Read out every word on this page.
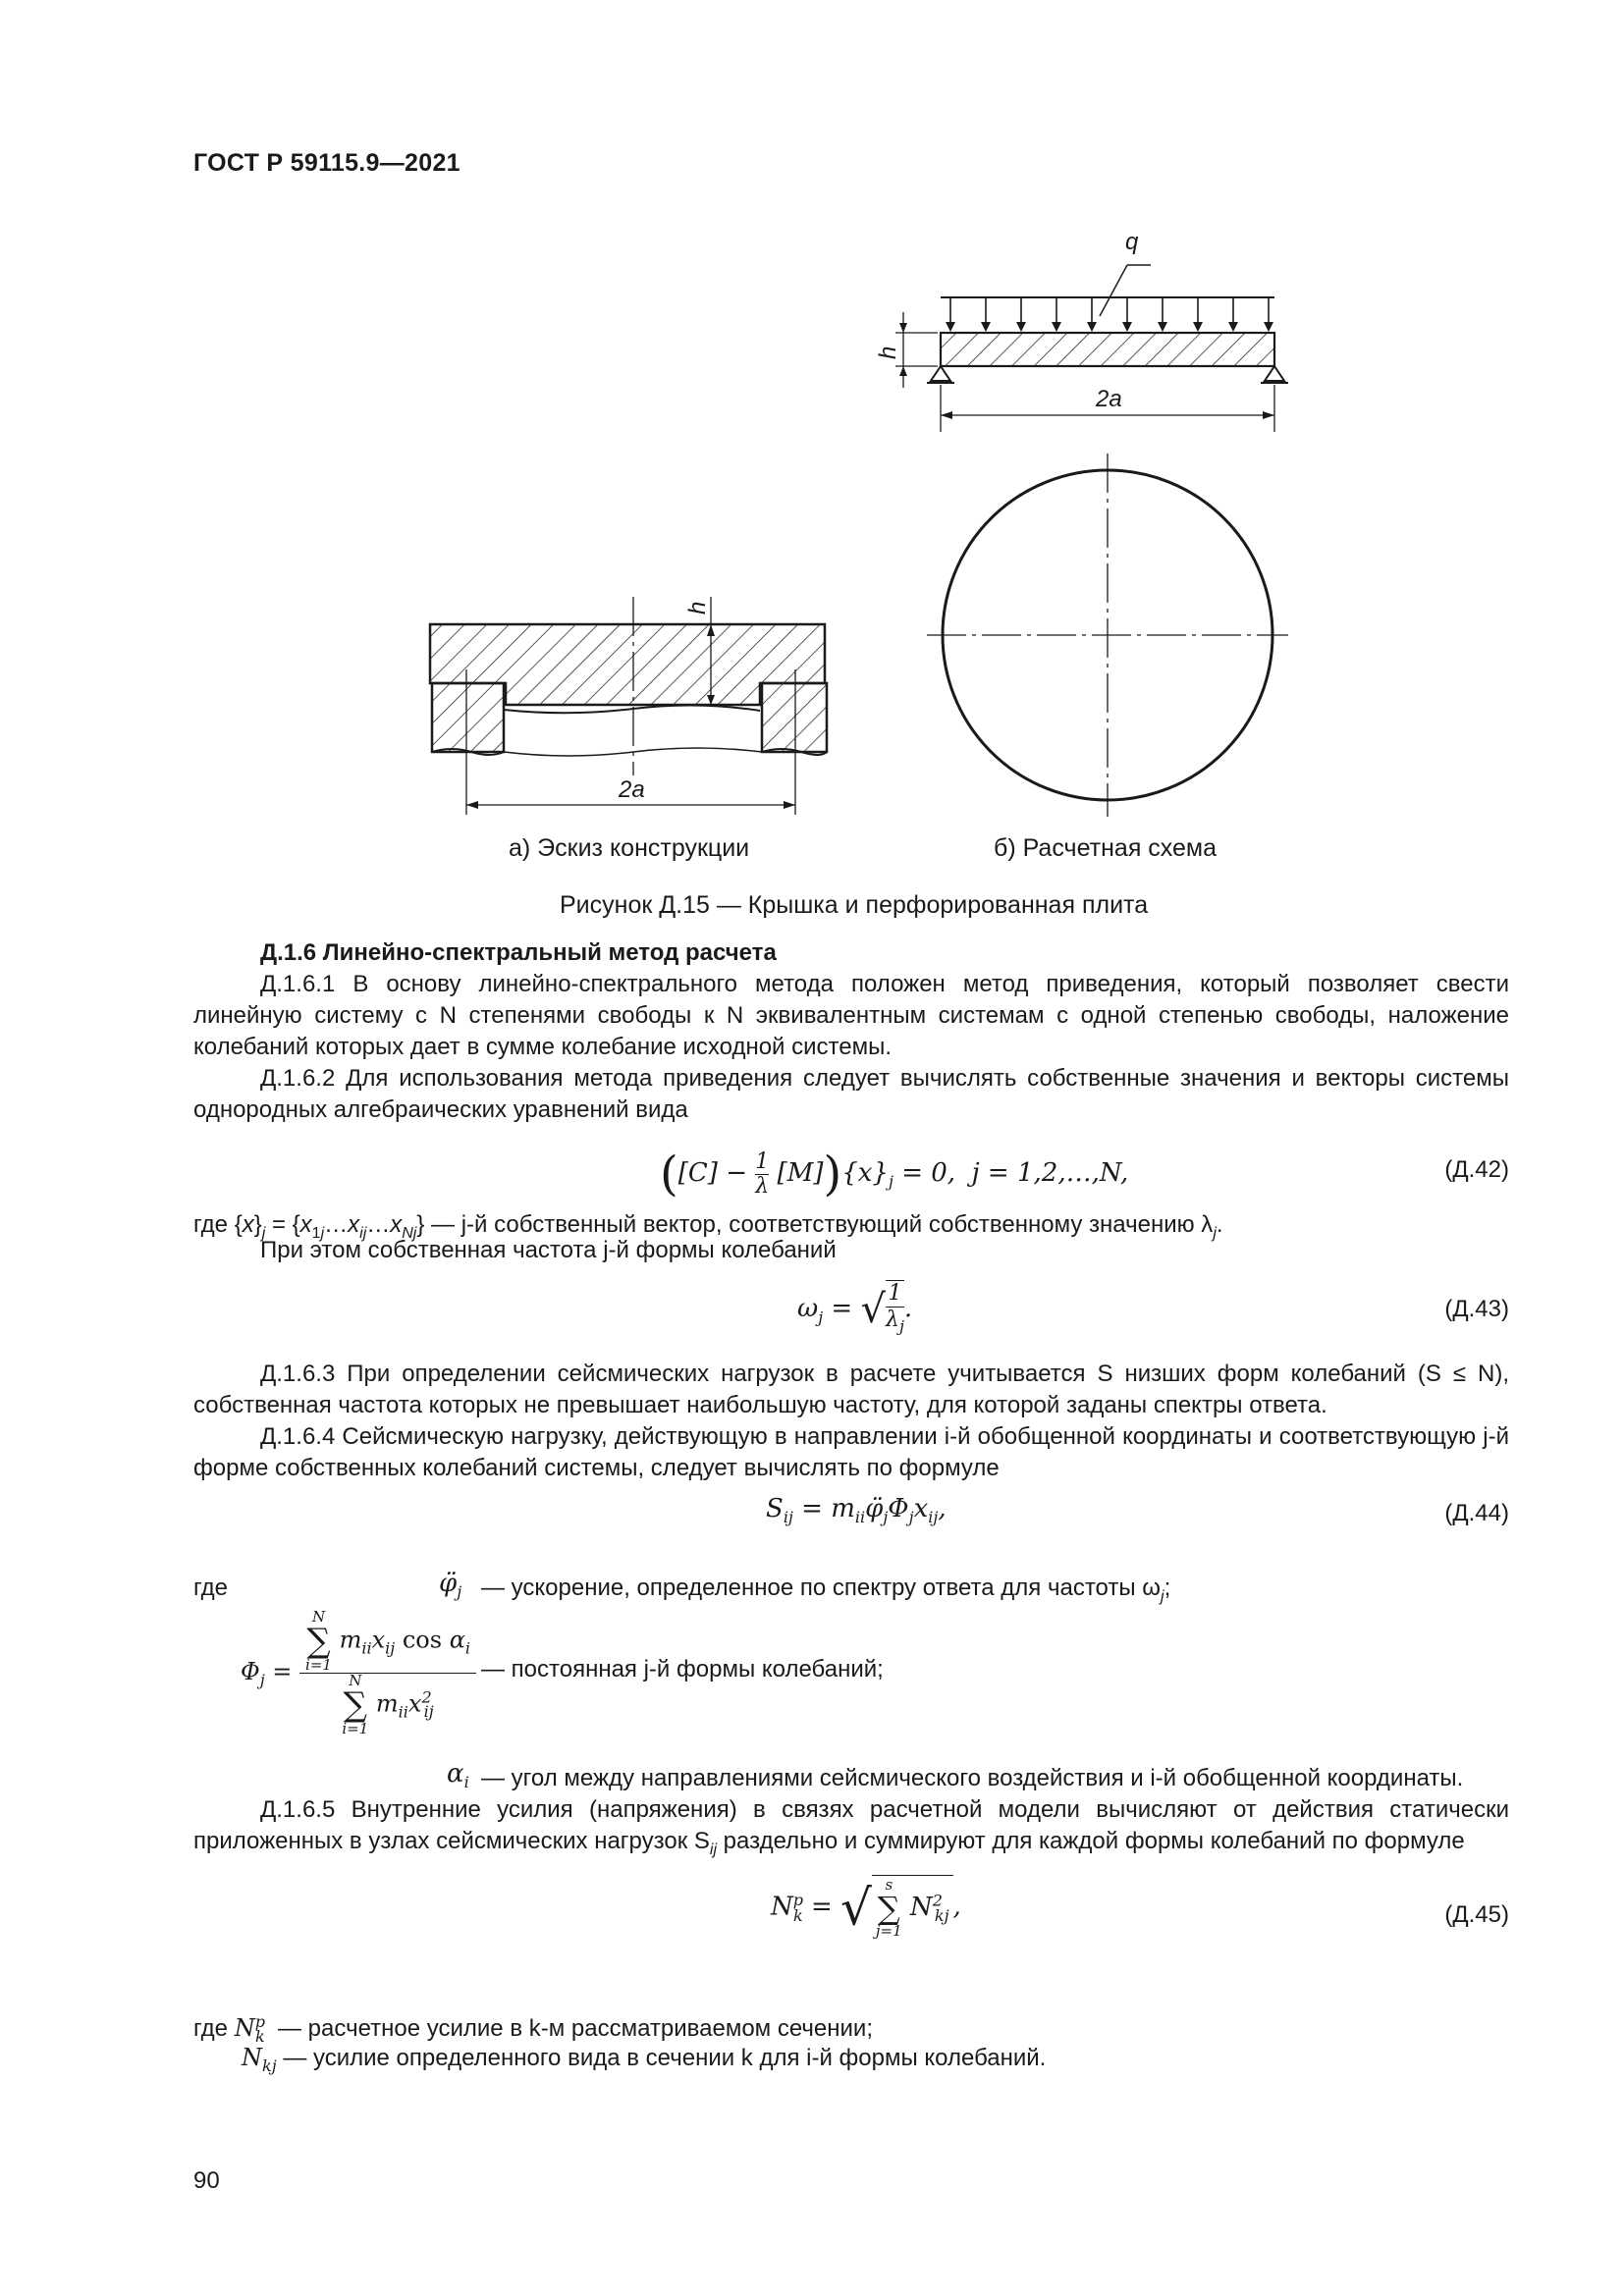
ГОСТ Р 59115.9—2021
q
h
2a
h
2a
а) Эскиз конструкции	б) Расчетная схема
Рисунок Д.15 — Крышка и перфорированная плита
Д.1.6 Линейно-спектральный метод расчета
Д.1.6.1 В основу линейно-спектрального метода положен метод приведения, который позволяет свести линейную систему с N степенями свободы к N эквивалентным системам с одной степенью свободы, наложение колебаний которых дает в сумме колебание исходной системы.
Д.1.6.2 Для использования метода приведения следует вычислять собственные значения и векторы системы однородных алгебраических уравнений вида
$([C] - \frac{1}{\lambda} [M])\{x\}_j = 0$,  j = 1,2,…,N,	(Д.42)
где $\{x\}_j$ = $\{x_{1j}\dots x_{ij}\dots x_{Nj}\}$ — j-й собственный вектор, соответствующий собственному значению $\lambda_j$.
При этом собственная частота j-й формы колебаний
$\omega_j$ = √ $\frac{1}{\lambda_j}$ .	(Д.43)
Д.1.6.3 При определении сейсмических нагрузок в расчете учитывается S низших форм колебаний (S ≤ N), собственная частота которых не превышает наибольшую частоту, для которой заданы спектры ответа.
Д.1.6.4 Сейсмическую нагрузку, действующую в направлении i-й обобщенной координаты и соответствующую j-й форме собственных колебаний системы, следует вычислять по формуле
$S_{ij}$ = $m_{ii}\varphï_j\Phi_jx_{ij}$,	(Д.44)
где	$\varphï_j$ — ускорение, определенное по спектру ответа для частоты $\omega_j$;
$\Phi_j$ =
N
∑
i=1 $m_{ii}x_{ij}$ $\cos \alpha_i$
N
∑
i=1 $m_{ii}x^2_{ij}$
— постоянная j-й формы колебаний;
$\alpha_i$ — угол между направлениями сейсмического воздействия и i-й обобщенной координаты.
Д.1.6.5 Внутренние усилия (напряжения) в связях расчетной модели вычисляют от действия статически приложенных в узлах сейсмических нагрузок $S_{ij}$ раздельно и суммируют для каждой формы колебаний по формуле
$N^p_k$ = √ s
∑
j=1 $N^2_{kj}$ ,	(Д.45)
где $N^p_k$ — расчетное усилие в k-м рассматриваемом сечении;
$N_{kj}$ — усилие определенного вида в сечении k для i-й формы колебаний.
90
